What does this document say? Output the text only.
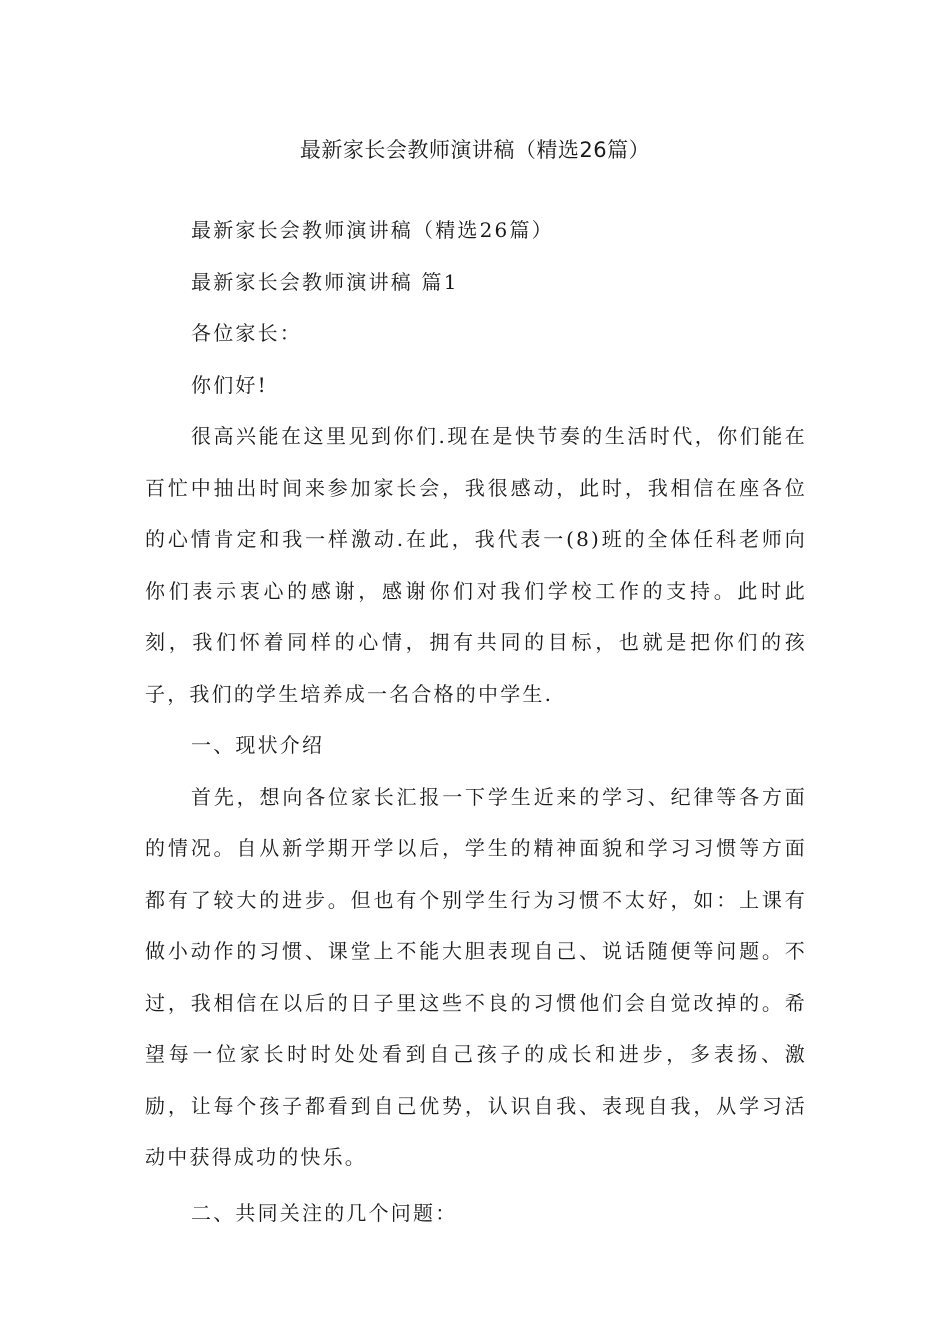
最新家长会教师演讲稿（精选26篇）

最新家长会教师演讲稿（精选26篇）

最新家长会教师演讲稿 篇1

各位家长：

你们好!

很高兴能在这里见到你们.现在是快节奏的生活时代，你们能在百忙中抽出时间来参加家长会，我很感动，此时，我相信在座各位的心情肯定和我一样激动.在此，我代表一(8)班的全体任科老师向你们表示衷心的感谢，感谢你们对我们学校工作的支持。此时此刻，我们怀着同样的心情，拥有共同的目标，也就是把你们的孩子，我们的学生培养成一名合格的中学生.

一、现状介绍

首先，想向各位家长汇报一下学生近来的学习、纪律等各方面的情况。自从新学期开学以后，学生的精神面貌和学习习惯等方面都有了较大的进步。但也有个别学生行为习惯不太好，如：上课有做小动作的习惯、课堂上不能大胆表现自己、说话随便等问题。不过，我相信在以后的日子里这些不良的习惯他们会自觉改掉的。希望每一位家长时时处处看到自己孩子的成长和进步，多表扬、激励，让每个孩子都看到自己优势，认识自我、表现自我，从学习活动中获得成功的快乐。

二、共同关注的几个问题：
